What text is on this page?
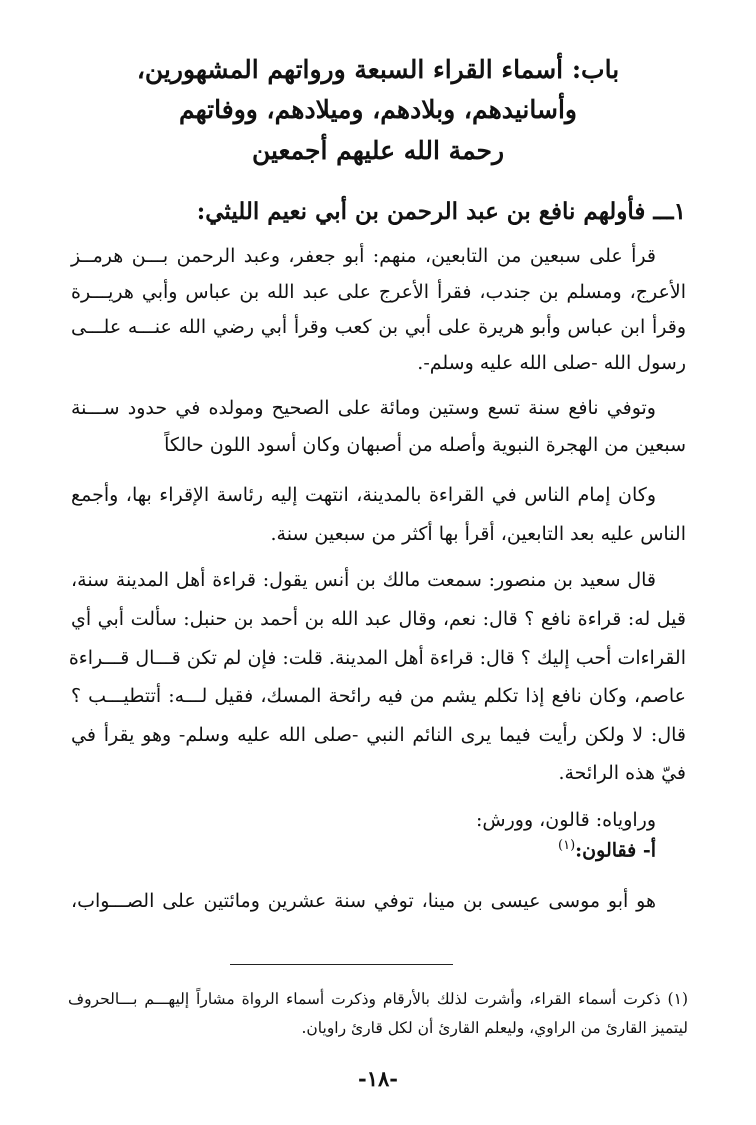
باب: أسماء القراء السبعة ورواتهم المشهورين،
وأسانيدهم، وبلادهم، وميلادهم، ووفاتهم
رحمة الله عليهم أجمعين
١ـــ فأولهم نافع بن عبد الرحمن بن أبي نعيم الليثي:
قرأ على سبعين من التابعين، منهم: أبو جعفر، وعبد الرحمن بـــن هرمــز
الأعرج، ومسلم بن جندب، فقرأ الأعرج على عبد الله بن عباس وأبي هريـــرة
وقرأ ابن عباس وأبو هريرة على أبي بن كعب وقرأ أبي رضي الله عنـــه علـــى
رسول الله -صلى الله عليه وسلم-.
وتوفي نافع سنة تسع وستين ومائة على الصحيح ومولده في حدود ســـنة
سبعين من الهجرة النبوية وأصله من أصبهان وكان أسود اللون حالكاً
وكان إمام الناس في القراءة بالمدينة، انتهت إليه رئاسة الإقراء بها، وأجمع
الناس عليه بعد التابعين، أقرأ بها أكثر من سبعين سنة.
قال سعيد بن منصور: سمعت مالك بن أنس يقول: قراءة أهل المدينة سنة،
قيل له: قراءة نافع ؟ قال: نعم، وقال عبد الله بن أحمد بن حنبل: سألت أبي أي
القراءات أحب إليك ؟ قال: قراءة أهل المدينة. قلت: فإن لم تكن قـــال قـــراءة
عاصم، وكان نافع إذا تكلم يشم من فيه رائحة المسك، فقيل لـــه: أتتطيـــب ؟
قال: لا ولكن رأيت فيما يرى النائم النبي -صلى الله عليه وسلم- وهو يقرأ في
فيّ هذه الرائحة.
وراوياه: قالون، وورش:
أ- فقالون:$^{(١)}$
هو أبو موسى عيسى بن مينا، توفي سنة عشرين ومائتين على الصـــواب،
(١) ذكرت أسماء القراء، وأشرت لذلك بالأرقام وذكرت أسماء الرواة مشاراً إليهـــم بـــالحروف
ليتميز القارئ من الراوي، وليعلم القارئ أن لكل قارئ راويان.
-١٨-
